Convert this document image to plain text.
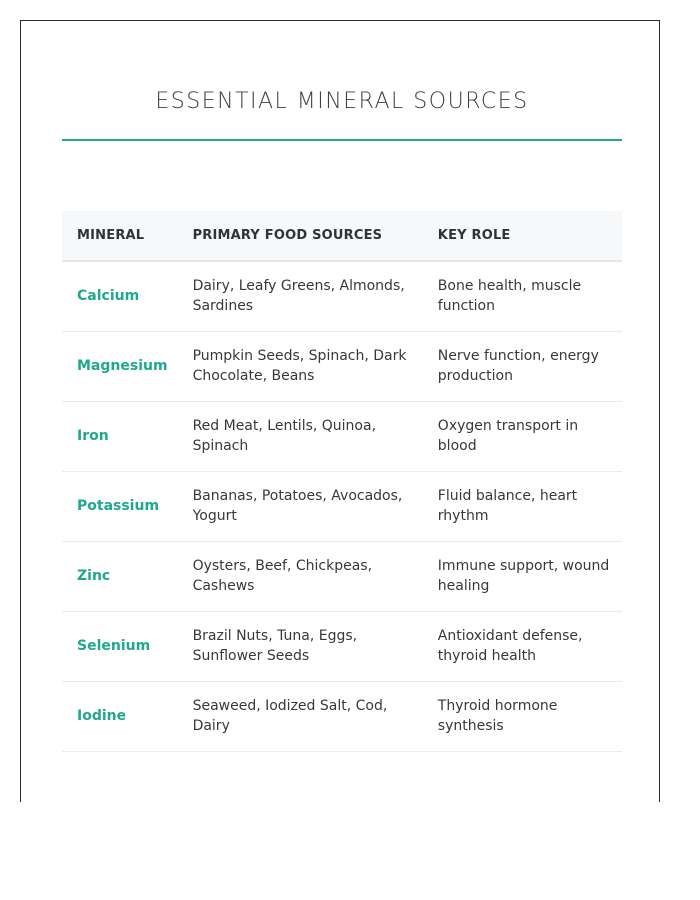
ESSENTIAL MINERAL SOURCES
MINERAL	PRIMARY FOOD SOURCES	KEY ROLE
Calcium	Dairy, Leafy Greens, Almonds, Sardines	Bone health, muscle function
Magnesium	Pumpkin Seeds, Spinach, Dark Chocolate, Beans	Nerve function, energy production
Iron	Red Meat, Lentils, Quinoa, Spinach	Oxygen transport in blood
Potassium	Bananas, Potatoes, Avocados, Yogurt	Fluid balance, heart rhythm
Zinc	Oysters, Beef, Chickpeas, Cashews	Immune support, wound healing
Selenium	Brazil Nuts, Tuna, Eggs, Sunflower Seeds	Antioxidant defense, thyroid health
Iodine	Seaweed, Iodized Salt, Cod, Dairy	Thyroid hormone synthesis
